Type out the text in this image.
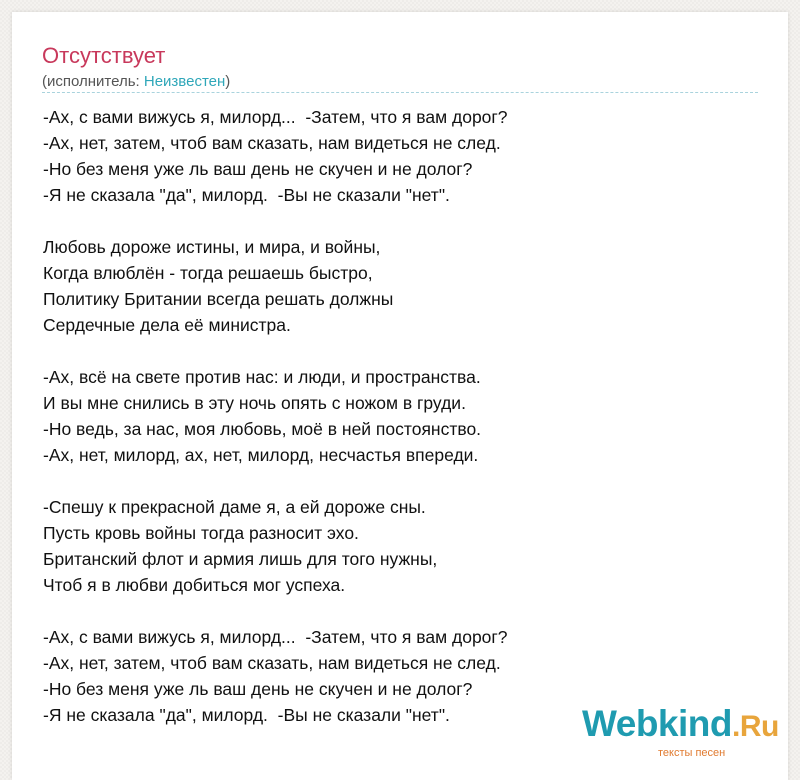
Отсутствует
(исполнитель: Неизвестен)
-Ах, с вами вижусь я, милорд...  -Затем, что я вам дорог?
-Ах, нет, затем, чтоб вам сказать, нам видеться не след.
-Но без меня уже ль ваш день не скучен и не долог?
-Я не сказала "да", милорд.  -Вы не сказали "нет".
Любовь дороже истины, и мира, и войны,
Когда влюблён - тогда решаешь быстро,
Политику Британии всегда решать должны
Сердечные дела её министра.
-Ах, всё на свете против нас: и люди, и пространства.
И вы мне снились в эту ночь опять с ножом в груди.
-Но ведь, за нас, моя любовь, моё в ней постоянство.
-Ах, нет, милорд, ах, нет, милорд, несчастья впереди.
-Спешу к прекрасной даме я, а ей дороже сны.
Пусть кровь войны тогда разносит эхо.
Британский флот и армия лишь для того нужны,
Чтоб я в любви добиться мог успеха.
-Ах, с вами вижусь я, милорд...  -Затем, что я вам дорог?
-Ах, нет, затем, чтоб вам сказать, нам видеться не след.
-Но без меня уже ль ваш день не скучен и не долог?
-Я не сказала "да", милорд.  -Вы не сказали "нет".	Webkind.Ru
тексты песен
